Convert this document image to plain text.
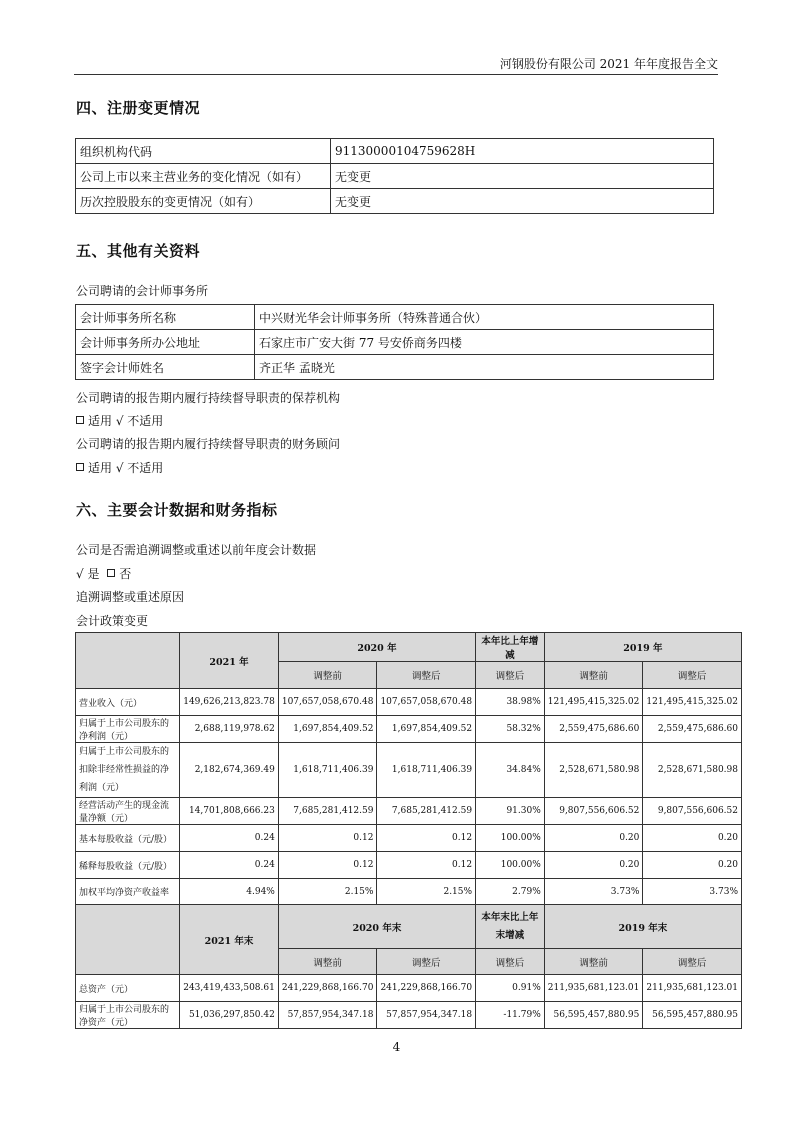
河钢股份有限公司 2021 年年度报告全文
四、注册变更情况
组织机构代码	91130000104759628H
公司上市以来主营业务的变化情况（如有）	无变更
历次控股股东的变更情况（如有）	无变更
五、其他有关资料
公司聘请的会计师事务所
会计师事务所名称	中兴财光华会计师事务所（特殊普通合伙）
会计师事务所办公地址	石家庄市广安大街 77 号安侨商务四楼
签字会计师姓名	齐正华 孟晓光
公司聘请的报告期内履行持续督导职责的保荐机构
适用 √ 不适用
公司聘请的报告期内履行持续督导职责的财务顾问
适用 √ 不适用
六、主要会计数据和财务指标
公司是否需追溯调整或重述以前年度会计数据
√ 是 否
追溯调整或重述原因
会计政策变更
	2021 年	2020 年		本年比上年增减	2019 年	
		调整前	调整后	调整后	调整前	调整后
营业收入（元）	149,626,213,823.78	107,657,058,670.48	107,657,058,670.48	38.98%	121,495,415,325.02	121,495,415,325.02
归属于上市公司股东的净利润（元）	2,688,119,978.62	1,697,854,409.52	1,697,854,409.52	58.32%	2,559,475,686.60	2,559,475,686.60
归属于上市公司股东的扣除非经常性损益的净利润（元）	2,182,674,369.49	1,618,711,406.39	1,618,711,406.39	34.84%	2,528,671,580.98	2,528,671,580.98
经营活动产生的现金流量净额（元）	14,701,808,666.23	7,685,281,412.59	7,685,281,412.59	91.30%	9,807,556,606.52	9,807,556,606.52
基本每股收益（元/股）	0.24	0.12	0.12	100.00%	0.20	0.20
稀释每股收益（元/股）	0.24	0.12	0.12	100.00%	0.20	0.20
加权平均净资产收益率	4.94%	2.15%	2.15%	2.79%	3.73%	3.73%
	2021 年末	2020 年末		本年末比上年末增减	2019 年末	
		调整前	调整后	调整后	调整前	调整后
总资产（元）	243,419,433,508.61	241,229,868,166.70	241,229,868,166.70	0.91%	211,935,681,123.01	211,935,681,123.01
归属于上市公司股东的净资产（元）	51,036,297,850.42	57,857,954,347.18	57,857,954,347.18	-11.79%	56,595,457,880.95	56,595,457,880.95
4
